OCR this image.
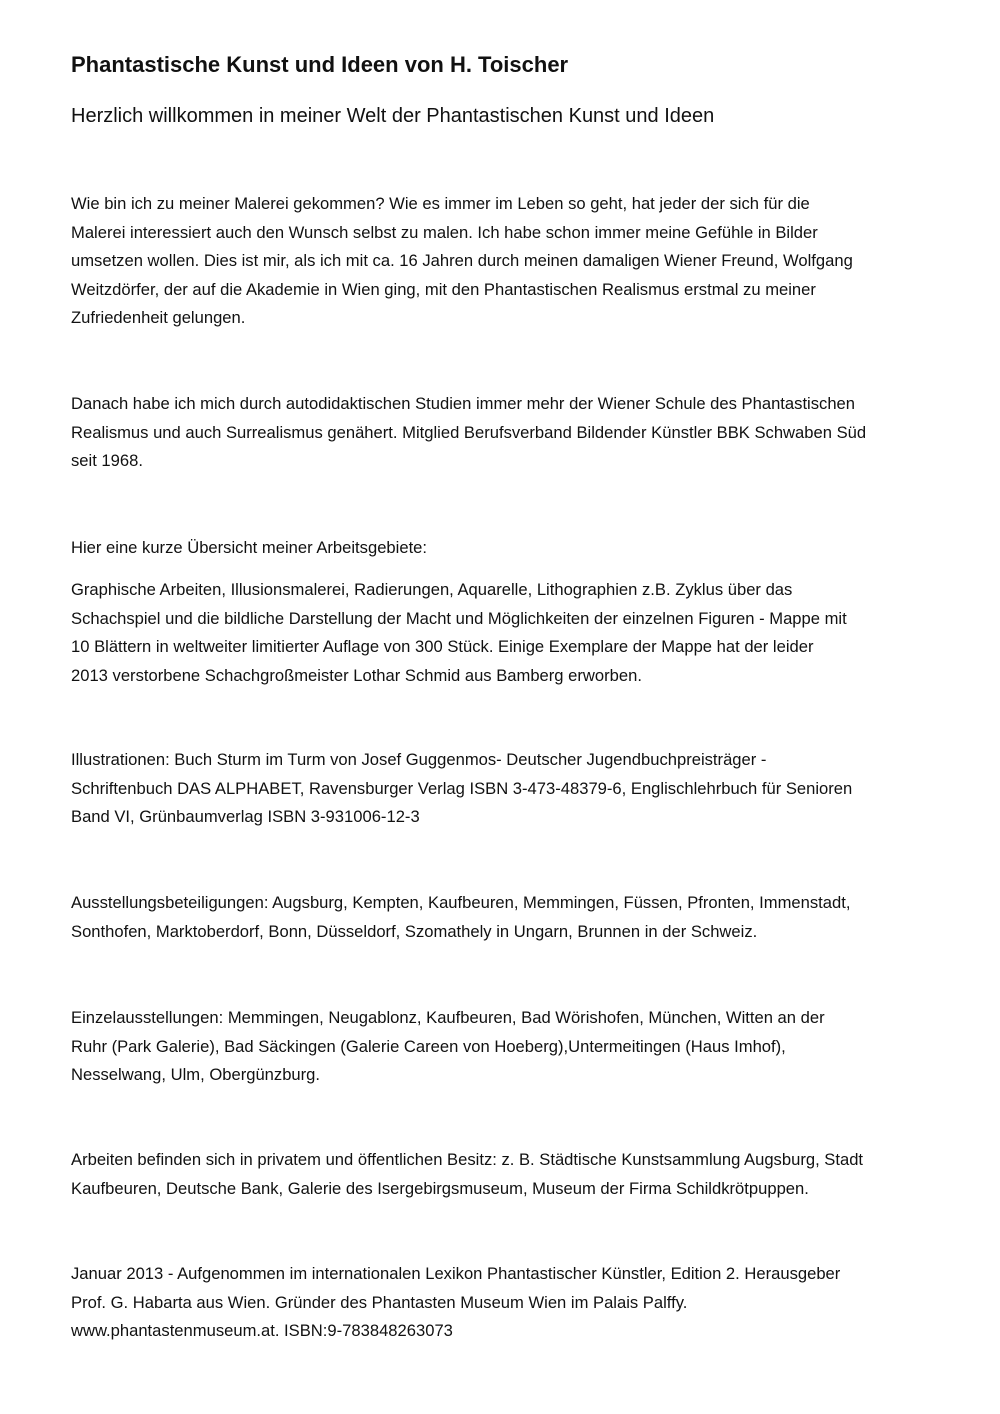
Phantastische Kunst und Ideen von H. Toischer
Herzlich willkommen in meiner Welt der Phantastischen Kunst und Ideen

Wie bin ich zu meiner Malerei gekommen? Wie es immer im Leben so geht, hat jeder der sich für die
Malerei interessiert auch den Wunsch selbst zu malen. Ich habe schon immer meine Gefühle in Bilder
umsetzen wollen. Dies ist mir, als ich mit ca. 16 Jahren durch meinen damaligen Wiener Freund, Wolfgang
Weitzdörfer, der auf die Akademie in Wien ging, mit den Phantastischen Realismus erstmal zu meiner
Zufriedenheit gelungen.

Danach habe ich mich durch autodidaktischen Studien immer mehr der Wiener Schule des Phantastischen
Realismus und auch Surrealismus genähert. Mitglied Berufsverband Bildender Künstler BBK Schwaben Süd
seit 1968.

Hier eine kurze Übersicht meiner Arbeitsgebiete:

Graphische Arbeiten, Illusionsmalerei, Radierungen, Aquarelle, Lithographien z.B. Zyklus über das
Schachspiel und die bildliche Darstellung der Macht und Möglichkeiten der einzelnen Figuren - Mappe mit
10 Blättern in weltweiter limitierter Auflage von 300 Stück. Einige Exemplare der Mappe hat der leider
2013 verstorbene Schachgroßmeister Lothar Schmid aus Bamberg erworben.

Illustrationen: Buch Sturm im Turm von Josef Guggenmos- Deutscher Jugendbuchpreisträger -
Schriftenbuch DAS ALPHABET, Ravensburger Verlag ISBN 3-473-48379-6, Englischlehrbuch für Senioren
Band VI, Grünbaumverlag ISBN 3-931006-12-3

Ausstellungsbeteiligungen: Augsburg, Kempten, Kaufbeuren, Memmingen, Füssen, Pfronten, Immenstadt,
Sonthofen, Marktoberdorf, Bonn, Düsseldorf, Szomathely in Ungarn, Brunnen in der Schweiz.

Einzelausstellungen: Memmingen, Neugablonz, Kaufbeuren, Bad Wörishofen, München, Witten an der
Ruhr (Park Galerie), Bad Säckingen (Galerie Careen von Hoeberg),Untermeitingen (Haus Imhof),
Nesselwang, Ulm, Obergünzburg.

Arbeiten befinden sich in privatem und öffentlichen Besitz: z. B. Städtische Kunstsammlung Augsburg, Stadt
Kaufbeuren, Deutsche Bank, Galerie des Isergebirgsmuseum, Museum der Firma Schildkrötpuppen.

Januar 2013 - Aufgenommen im internationalen Lexikon Phantastischer Künstler, Edition 2. Herausgeber
Prof. G. Habarta aus Wien. Gründer des Phantasten Museum Wien im Palais Palffy.
www.phantastenmuseum.at. ISBN:9-783848263073
